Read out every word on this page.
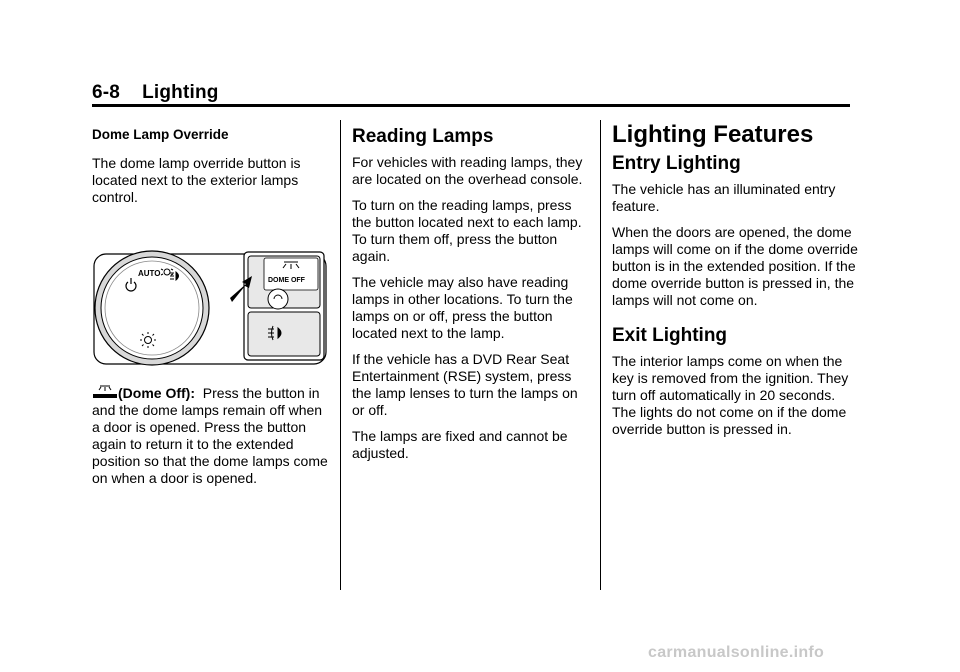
6-8 Lighting

Dome Lamp Override

The dome lamp override button is located next to the exterior lamps control.

AUTO
DOME OFF

(Dome Off): Press the button in and the dome lamps remain off when a door is opened. Press the button again to return it to the extended position so that the dome lamps come on when a door is opened.

Reading Lamps

For vehicles with reading lamps, they are located on the overhead console.

To turn on the reading lamps, press the button located next to each lamp. To turn them off, press the button again.

The vehicle may also have reading lamps in other locations. To turn the lamps on or off, press the button located next to the lamp.

If the vehicle has a DVD Rear Seat Entertainment (RSE) system, press the lamp lenses to turn the lamps on or off.

The lamps are fixed and cannot be adjusted.

Lighting Features
Entry Lighting

The vehicle has an illuminated entry feature.

When the doors are opened, the dome lamps will come on if the dome override button is in the extended position. If the dome override button is pressed in, the lamps will not come on.

Exit Lighting

The interior lamps come on when the key is removed from the ignition. They turn off automatically in 20 seconds. The lights do not come on if the dome override button is pressed in.

carmanualsonline.info
